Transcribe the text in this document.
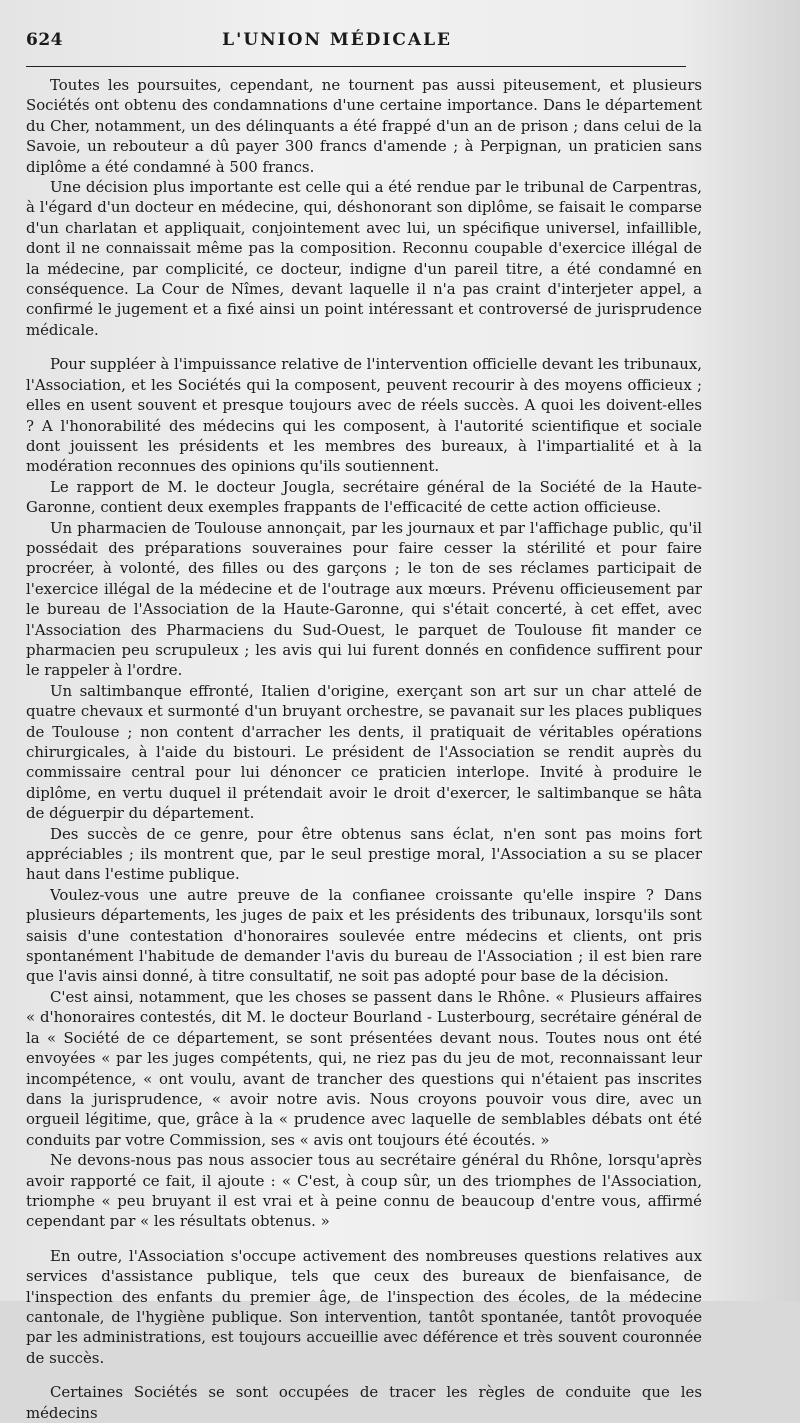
624	L'UNION MÉDICALE

Toutes les poursuites, cependant, ne tournent pas aussi piteusement, et plusieurs Sociétés ont obtenu des condamnations d'une certaine importance. Dans le département du Cher, notamment, un des délinquants a été frappé d'un an de prison ; dans celui de la Savoie, un rebouteur a dû payer 300 francs d'amende ; à Perpignan, un praticien sans diplôme a été condamné à 500 francs.

Une décision plus importante est celle qui a été rendue par le tribunal de Carpentras, à l'égard d'un docteur en médecine, qui, déshonorant son diplôme, se faisait le comparse d'un charlatan et appliquait, conjointement avec lui, un spécifique universel, infaillible, dont il ne connaissait même pas la composition. Reconnu coupable d'exercice illégal de la médecine, par complicité, ce docteur, indigne d'un pareil titre, a été condamné en conséquence. La Cour de Nîmes, devant laquelle il n'a pas craint d'interjeter appel, a confirmé le jugement et a fixé ainsi un point intéressant et controversé de jurisprudence médicale.

Pour suppléer à l'impuissance relative de l'intervention officielle devant les tribunaux, l'Association, et les Sociétés qui la composent, peuvent recourir à des moyens officieux ; elles en usent souvent et presque toujours avec de réels succès. A quoi les doivent-elles ? A l'honorabilité des médecins qui les composent, à l'autorité scientifique et sociale dont jouissent les présidents et les membres des bureaux, à l'impartialité et à la modération reconnues des opinions qu'ils soutiennent.

Le rapport de M. le docteur Jougla, secrétaire général de la Société de la Haute-Garonne, contient deux exemples frappants de l'efficacité de cette action officieuse.

Un pharmacien de Toulouse annonçait, par les journaux et par l'affichage public, qu'il possédait des préparations souveraines pour faire cesser la stérilité et pour faire procréer, à volonté, des filles ou des garçons ; le ton de ses réclames participait de l'exercice illégal de la médecine et de l'outrage aux mœurs. Prévenu officieusement par le bureau de l'Association de la Haute-Garonne, qui s'était concerté, à cet effet, avec l'Association des Pharmaciens du Sud-Ouest, le parquet de Toulouse fit mander ce pharmacien peu scrupuleux ; les avis qui lui furent donnés en confidence suffirent pour le rappeler à l'ordre.

Un saltimbanque effronté, Italien d'origine, exerçant son art sur un char attelé de quatre chevaux et surmonté d'un bruyant orchestre, se pavanait sur les places publiques de Toulouse ; non content d'arracher les dents, il pratiquait de véritables opérations chirurgicales, à l'aide du bistouri. Le président de l'Association se rendit auprès du commissaire central pour lui dénoncer ce praticien interlope. Invité à produire le diplôme, en vertu duquel il prétendait avoir le droit d'exercer, le saltimbanque se hâta de déguerpir du département.

Des succès de ce genre, pour être obtenus sans éclat, n'en sont pas moins fort appréciables ; ils montrent que, par le seul prestige moral, l'Association a su se placer haut dans l'estime publique.

Voulez-vous une autre preuve de la confianee croissante qu'elle inspire ? Dans plusieurs départements, les juges de paix et les présidents des tribunaux, lorsqu'ils sont saisis d'une contestation d'honoraires soulevée entre médecins et clients, ont pris spontanément l'habitude de demander l'avis du bureau de l'Association ; il est bien rare que l'avis ainsi donné, à titre consultatif, ne soit pas adopté pour base de la décision.

C'est ainsi, notamment, que les choses se passent dans le Rhône. « Plusieurs affaires « d'honoraires contestés, dit M. le docteur Bourland - Lusterbourg, secrétaire général de la « Société de ce département, se sont présentées devant nous. Toutes nous ont été envoyées « par les juges compétents, qui, ne riez pas du jeu de mot, reconnaissant leur incompétence, « ont voulu, avant de trancher des questions qui n'étaient pas inscrites dans la jurisprudence, « avoir notre avis. Nous croyons pouvoir vous dire, avec un orgueil légitime, que, grâce à la « prudence avec laquelle de semblables débats ont été conduits par votre Commission, ses « avis ont toujours été écoutés. »

Ne devons-nous pas nous associer tous au secrétaire général du Rhône, lorsqu'après avoir rapporté ce fait, il ajoute : « C'est, à coup sûr, un des triomphes de l'Association, triomphe « peu bruyant il est vrai et à peine connu de beaucoup d'entre vous, affirmé cependant par « les résultats obtenus. »

En outre, l'Association s'occupe activement des nombreuses questions relatives aux services d'assistance publique, tels que ceux des bureaux de bienfaisance, de l'inspection des enfants du premier âge, de l'inspection des écoles, de la médecine cantonale, de l'hygiène publique. Son intervention, tantôt spontanée, tantôt provoquée par les administrations, est toujours accueillie avec déférence et très souvent couronnée de succès.

Certaines Sociétés se sont occupées de tracer les règles de conduite que les médecins
